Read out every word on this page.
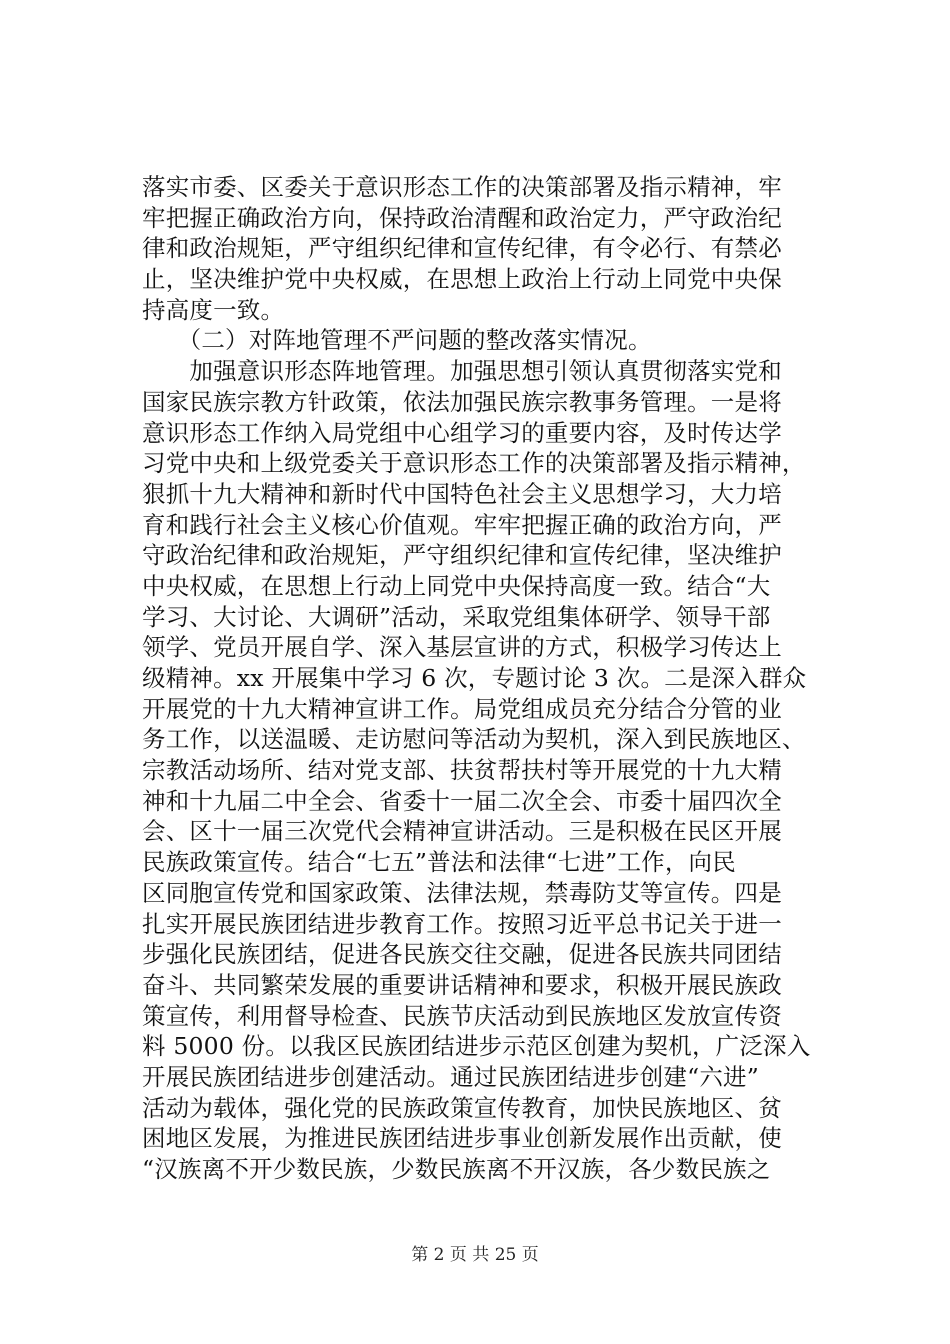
落实市委、区委关于意识形态工作的决策部署及指示精神，牢
牢把握正确政治方向，保持政治清醒和政治定力，严守政治纪
律和政治规矩，严守组织纪律和宣传纪律，有令必行、有禁必
止，坚决维护党中央权威，在思想上政治上行动上同党中央保
持高度一致。
　　（二）对阵地管理不严问题的整改落实情况。
　　加强意识形态阵地管理。加强思想引领认真贯彻落实党和
国家民族宗教方针政策，依法加强民族宗教事务管理。一是将
意识形态工作纳入局党组中心组学习的重要内容，及时传达学
习党中央和上级党委关于意识形态工作的决策部署及指示精神，
狠抓十九大精神和新时代中国特色社会主义思想学习，大力培
育和践行社会主义核心价值观。牢牢把握正确的政治方向，严
守政治纪律和政治规矩，严守组织纪律和宣传纪律，坚决维护
中央权威，在思想上行动上同党中央保持高度一致。结合“大
学习、大讨论、大调研”活动，采取党组集体研学、领导干部
领学、党员开展自学、深入基层宣讲的方式，积极学习传达上
级精神。xx 开展集中学习 6 次，专题讨论 3 次。二是深入群众
开展党的十九大精神宣讲工作。局党组成员充分结合分管的业
务工作，以送温暖、走访慰问等活动为契机，深入到民族地区、
宗教活动场所、结对党支部、扶贫帮扶村等开展党的十九大精
神和十九届二中全会、省委十一届二次全会、市委十届四次全
会、区十一届三次党代会精神宣讲活动。三是积极在民区开展
民族政策宣传。结合“七五”普法和法律“七进”工作，向民
区同胞宣传党和国家政策、法律法规，禁毒防艾等宣传。四是
扎实开展民族团结进步教育工作。按照习近平总书记关于进一
步强化民族团结，促进各民族交往交融，促进各民族共同团结
奋斗、共同繁荣发展的重要讲话精神和要求，积极开展民族政
策宣传，利用督导检查、民族节庆活动到民族地区发放宣传资
料 5000 份。以我区民族团结进步示范区创建为契机，广泛深入
开展民族团结进步创建活动。通过民族团结进步创建“六进”
活动为载体，强化党的民族政策宣传教育，加快民族地区、贫
困地区发展，为推进民族团结进步事业创新发展作出贡献，使
“汉族离不开少数民族，少数民族离不开汉族，各少数民族之
第 2 页 共 25 页
